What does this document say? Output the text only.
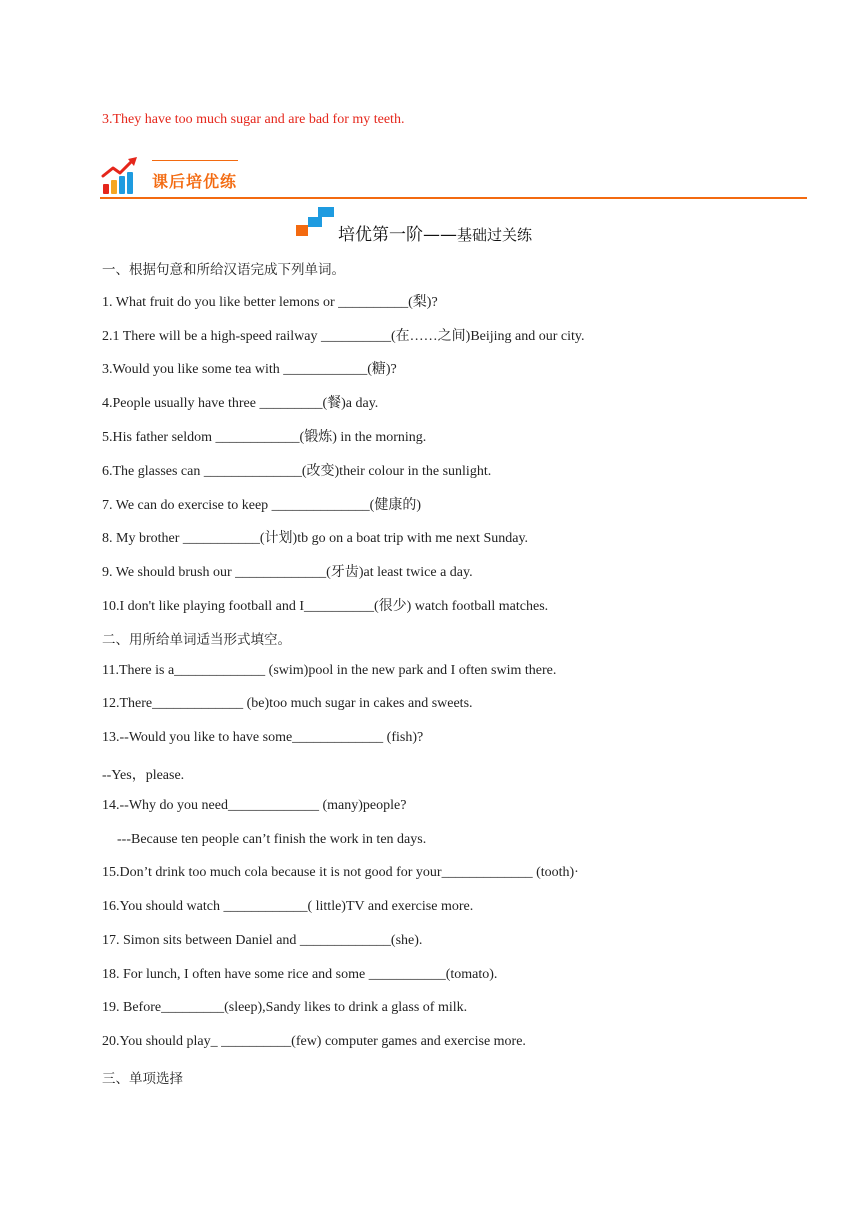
3.They have too much sugar and are bad for my teeth.
课后培优练
培优第一阶——基础过关练
一、根据句意和所给汉语完成下列单词。
1. What fruit do you like better lemons or __________(梨)?
2.1 There will be a high-speed railway __________(在……之间)Beijing and our city.
3.Would you like some tea with ____________(糖)?
4.People usually have three _________(餐)a day.
5.His father seldom ____________(锻炼) in the morning.
6.The glasses can ______________(改变)their colour in the sunlight.
7. We can do exercise to keep ______________(健康的)
8. My brother ___________(计划)tb go on a boat trip with me next Sunday.
9. We should brush our _____________(牙齿)at least twice a day.
10.I don't like playing football and I__________(很少) watch football matches.
二、用所给单词适当形式填空。
11.There is a_____________ (swim)pool in the new park and I often swim there.
12.There_____________ (be)too much sugar in cakes and sweets.
13.--Would you like to have some_____________ (fish)?
--Yes，please.
14.--Why do you need_____________ (many)people?
---Because ten people can’t finish the work in ten days.
15.Don’t drink too much cola because it is not good for your_____________ (tooth)·
16.You should watch ____________( little)TV and exercise more.
17. Simon sits between Daniel and _____________(she).
18. For lunch, I often have some rice and some ___________(tomato).
19. Before_________(sleep),Sandy likes to drink a glass of milk.
20.You should play_ __________(few) computer games and exercise more.
三、单项选择
